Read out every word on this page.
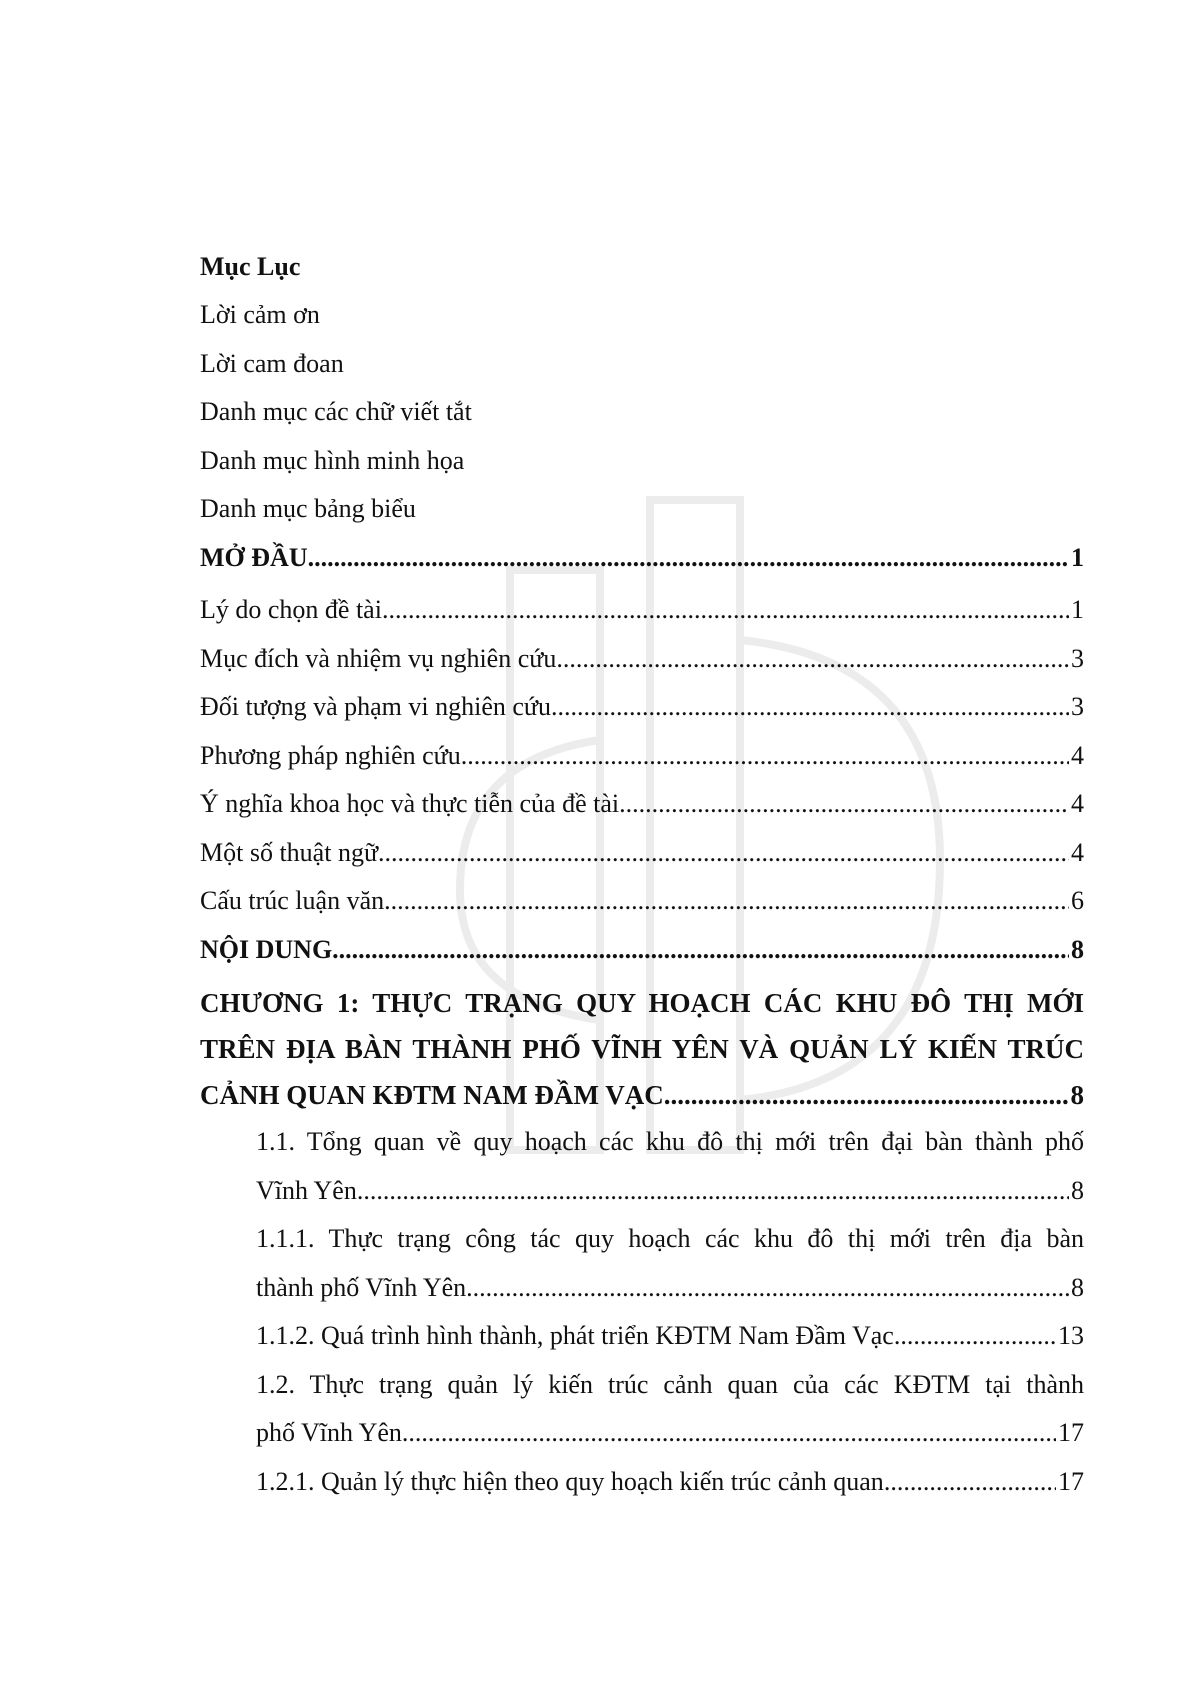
Mục Lục
Lời cảm ơn
Lời cam đoan
Danh mục các chữ viết tắt
Danh mục hình minh họa
Danh mục bảng biểu
MỞ ĐẦU .....	1
Lý do chọn đề tài .....	1
Mục đích và nhiệm vụ nghiên cứu .....	3
Đối tượng và phạm vi nghiên cứu .....	3
Phương pháp nghiên cứu .....	4
Ý nghĩa khoa học và thực tiễn của đề tài .....	4
Một số thuật ngữ .....	4
Cấu trúc luận văn .....	6
NỘI DUNG .....	8
CHƯƠNG 1: THỰC TRẠNG QUY HOẠCH CÁC KHU ĐÔ THỊ MỚI
TRÊN ĐỊA BÀN THÀNH PHỐ VĨNH YÊN VÀ QUẢN LÝ KIẾN TRÚC
CẢNH QUAN KĐTM NAM ĐẦM VẠC .....	8
1.1. Tổng quan về quy hoạch các khu đô thị mới trên đại bàn thành phố
Vĩnh Yên .....	8
1.1.1. Thực trạng công tác quy hoạch các khu đô thị mới trên địa bàn
thành phố Vĩnh Yên .....	8
1.1.2. Quá trình hình thành, phát triển KĐTM Nam Đầm Vạc .....	13
1.2. Thực trạng quản lý kiến trúc cảnh quan của các KĐTM tại thành
phố Vĩnh Yên .....	17
1.2.1. Quản lý thực hiện theo quy hoạch kiến trúc cảnh quan .....	17
